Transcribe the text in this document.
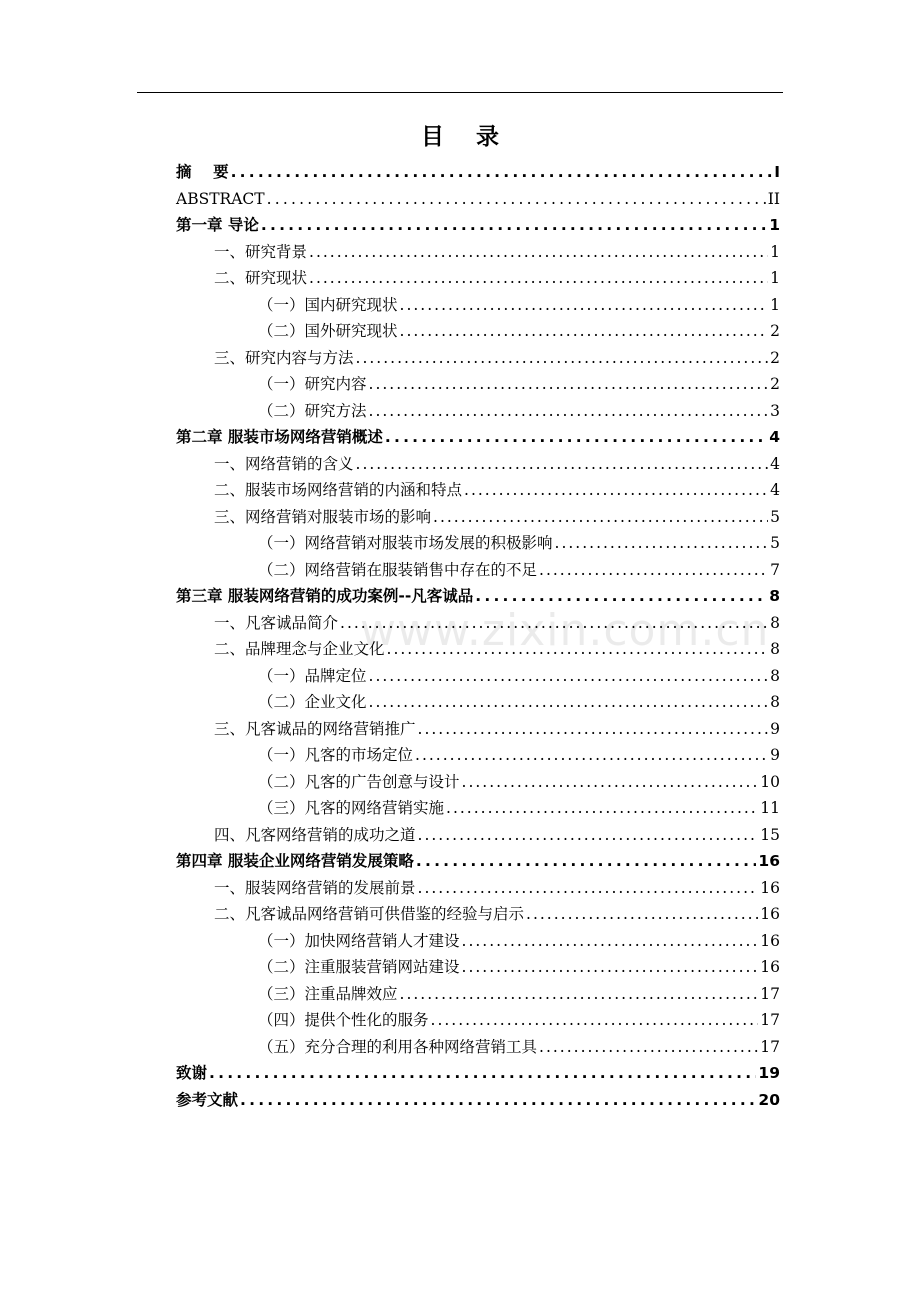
目    录
摘    要 .....	I
ABSTRACT .....	II
第一章 导论 .....	1
一、研究背景 .....	1
二、研究现状 .....	1
（一）国内研究现状 .....	1
（二）国外研究现状 .....	2
三、研究内容与方法 .....	2
（一）研究内容 .....	2
（二）研究方法 .....	3
第二章 服装市场网络营销概述 .....	4
一、网络营销的含义 .....	4
二、服装市场网络营销的内涵和特点 .....	4
三、网络营销对服装市场的影响 .....	5
（一）网络营销对服装市场发展的积极影响 .....	5
（二）网络营销在服装销售中存在的不足 .....	7
第三章 服装网络营销的成功案例--凡客诚品 .....	8
一、凡客诚品简介 .....	8
二、品牌理念与企业文化 .....	8
（一）品牌定位 .....	8
（二）企业文化 .....	8
三、凡客诚品的网络营销推广 .....	9
（一）凡客的市场定位 .....	9
（二）凡客的广告创意与设计 .....	10
（三）凡客的网络营销实施 .....	11
四、凡客网络营销的成功之道 .....	15
第四章 服装企业网络营销发展策略 .....	16
一、服装网络营销的发展前景 .....	16
二、凡客诚品网络营销可供借鉴的经验与启示 .....	16
（一）加快网络营销人才建设 .....	16
（二）注重服装营销网站建设 .....	16
（三）注重品牌效应 .....	17
（四）提供个性化的服务 .....	17
（五）充分合理的利用各种网络营销工具 .....	17
致谢 .....	19
参考文献 .....	20
www.zixin.com.cn
